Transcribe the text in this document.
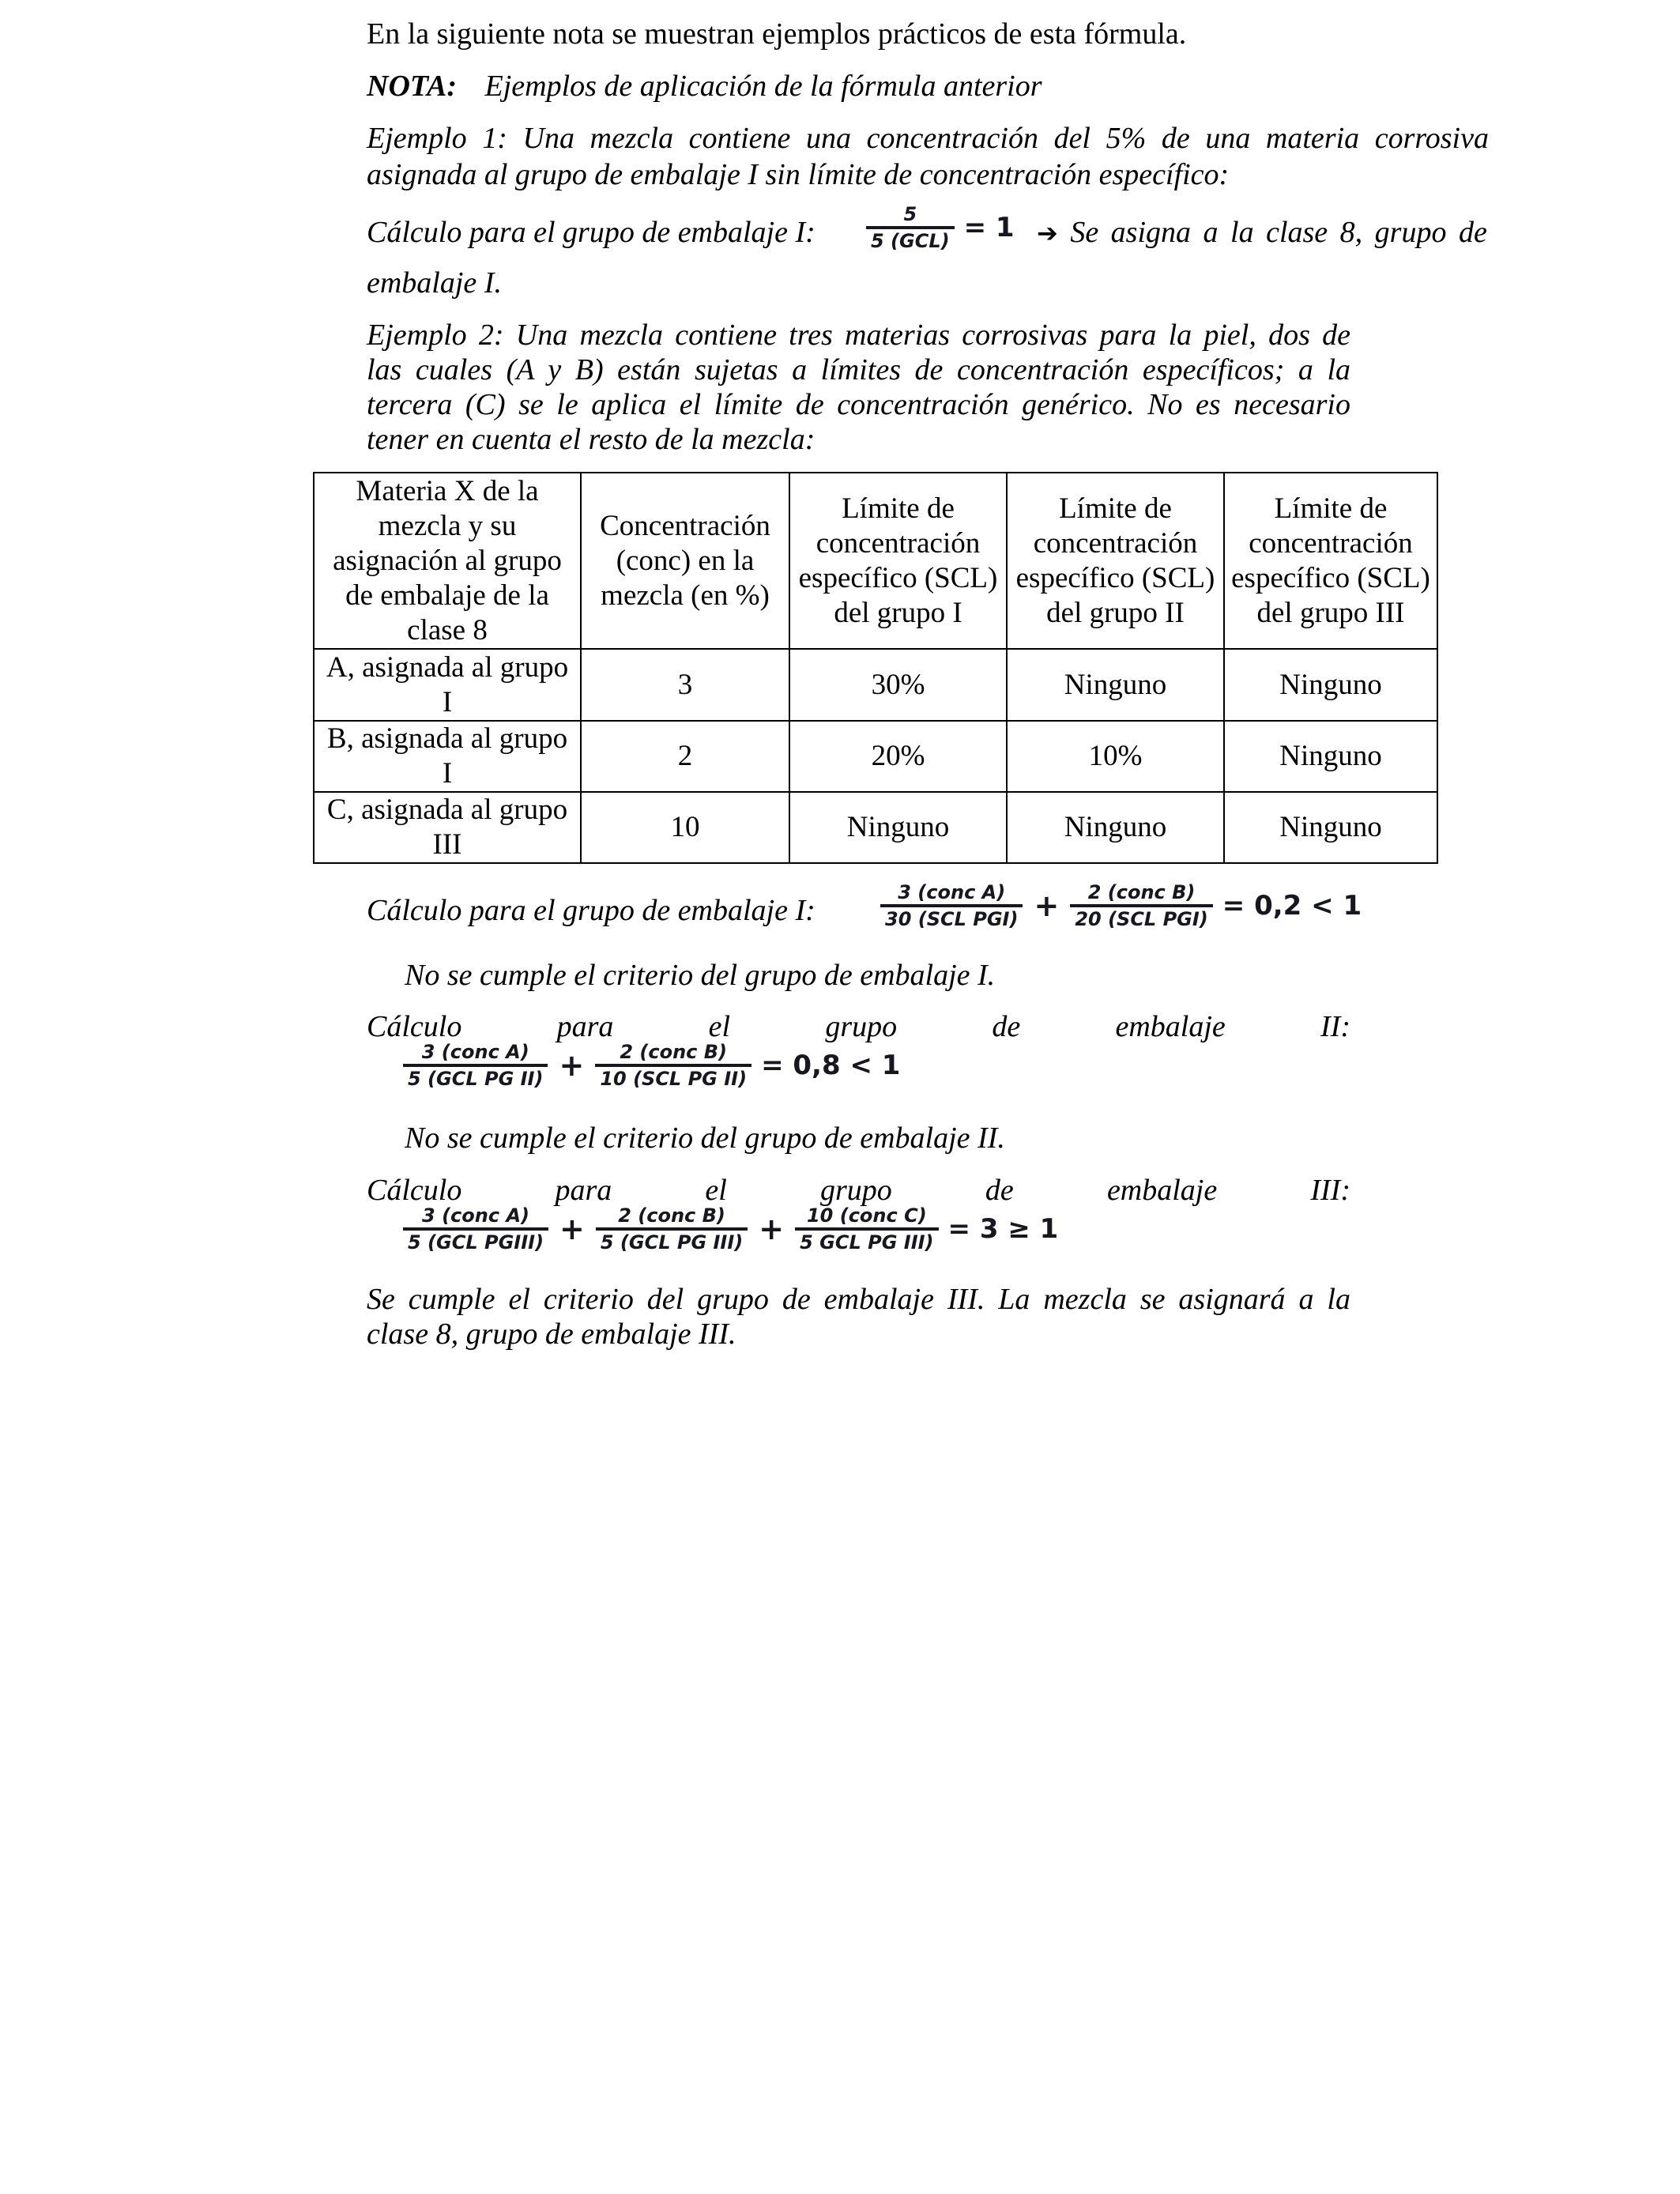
En la siguiente nota se muestran ejemplos prácticos de esta fórmula.

NOTA: Ejemplos de aplicación de la fórmula anterior

Ejemplo 1: Una mezcla contiene una concentración del 5% de una materia corrosiva

asignada al grupo de embalaje I sin límite de concentración específico:

Cálculo para el grupo de embalaje I:	$\frac{5}{\text{5 (GCL)}} = 1$ ➔ Se asigna a la clase 8, grupo de

embalaje I.

Ejemplo 2: Una mezcla contiene tres materias corrosivas para la piel, dos de

las cuales (A y B) están sujetas a límites de concentración específicos; a la

tercera (C) se le aplica el límite de concentración genérico. No es necesario

tener en cuenta el resto de la mezcla:

Materia X de la mezcla y su asignación al grupo de embalaje de la clase 8	Concentración (conc) en la mezcla (en %)	Límite de concentración específico (SCL) del grupo I	Límite de concentración específico (SCL) del grupo II	Límite de concentración específico (SCL) del grupo III
A, asignada al grupo I	3	30%	Ninguno	Ninguno
B, asignada al grupo I	2	20%	10%	Ninguno
C, asignada al grupo III	10	Ninguno	Ninguno	Ninguno

Cálculo para el grupo de embalaje I:	$\frac{\text{3 (conc A)}}{\text{30 (SCL PGI)}} + \frac{\text{2 (conc B)}}{\text{20 (SCL PGI)}} = 0,2 < 1$

No se cumple el criterio del grupo de embalaje I.

Cálculo	para	el	grupo	de	embalaje	II:
$\frac{\text{3 (conc A)}}{\text{5 (GCL PG II)}} + \frac{\text{2 (conc B)}}{\text{10 (SCL PG II)}} = 0,8 < 1$

No se cumple el criterio del grupo de embalaje II.

Cálculo	para	el	grupo	de	embalaje	III:
$\frac{\text{3 (conc A)}}{\text{5 (GCL PGIII)}} + \frac{\text{2 (conc B)}}{\text{5 (GCL PG III)}} + \frac{\text{10 (conc C)}}{\text{5 GCL PG III)}} = 3 \ge 1$

Se cumple el criterio del grupo de embalaje III. La mezcla se asignará a la

clase 8, grupo de embalaje III.
